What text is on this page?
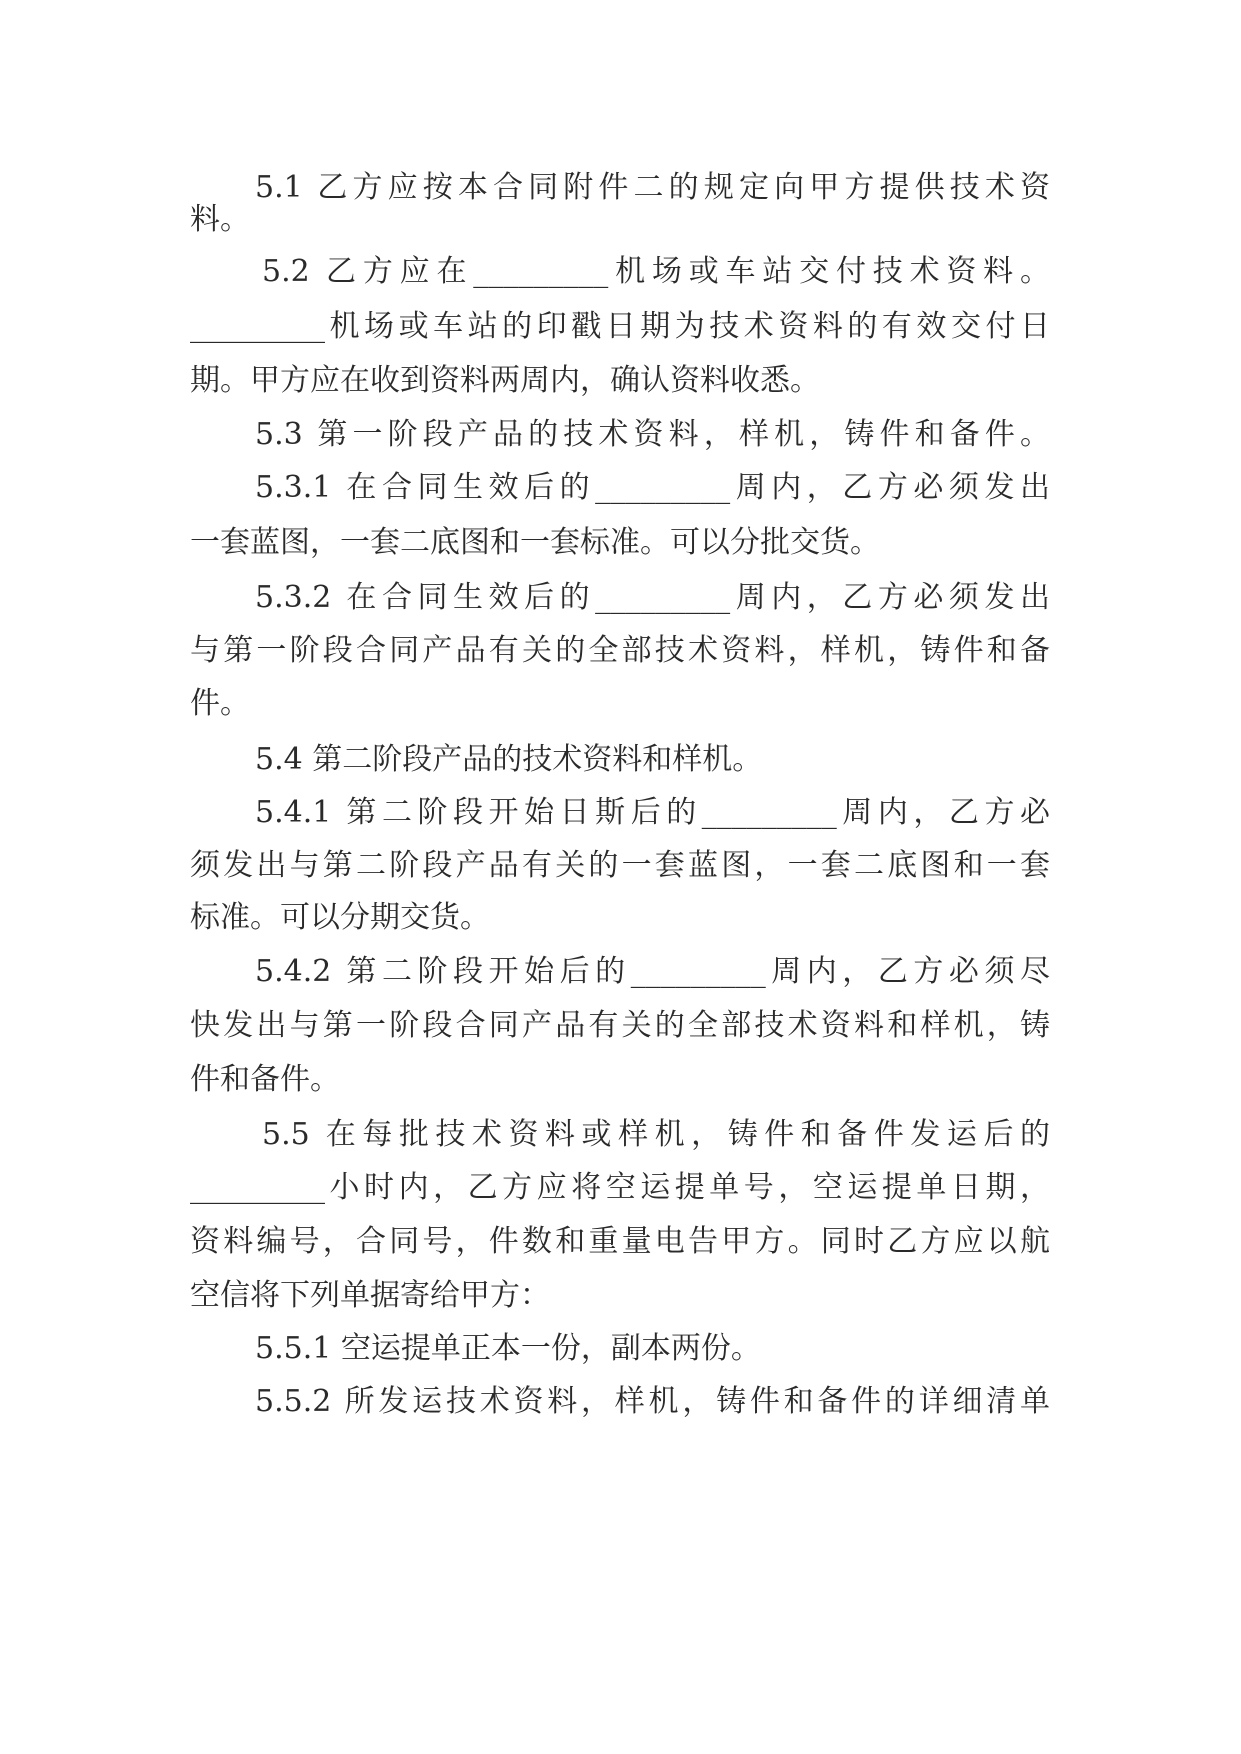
5.1 乙方应按本合同附件二的规定向甲方提供技术资
料。
5.2 乙方应在_________机场或车站交付技术资料。
_________机场或车站的印戳日期为技术资料的有效交付日
期。甲方应在收到资料两周内，确认资料收悉。
5.3 第一阶段产品的技术资料，样机，铸件和备件。
5.3.1 在合同生效后的_________周内，乙方必须发出
一套蓝图，一套二底图和一套标准。可以分批交货。
5.3.2 在合同生效后的_________周内，乙方必须发出
与第一阶段合同产品有关的全部技术资料，样机，铸件和备
件。
5.4 第二阶段产品的技术资料和样机。
5.4.1 第二阶段开始日斯后的_________周内，乙方必
须发出与第二阶段产品有关的一套蓝图，一套二底图和一套
标准。可以分期交货。
5.4.2 第二阶段开始后的_________周内，乙方必须尽
快发出与第一阶段合同产品有关的全部技术资料和样机，铸
件和备件。
5.5 在每批技术资料或样机，铸件和备件发运后的
_________小时内，乙方应将空运提单号，空运提单日期，
资料编号，合同号，件数和重量电告甲方。同时乙方应以航
空信将下列单据寄给甲方：
5.5.1 空运提单正本一份，副本两份。
5.5.2 所发运技术资料，样机，铸件和备件的详细清单
